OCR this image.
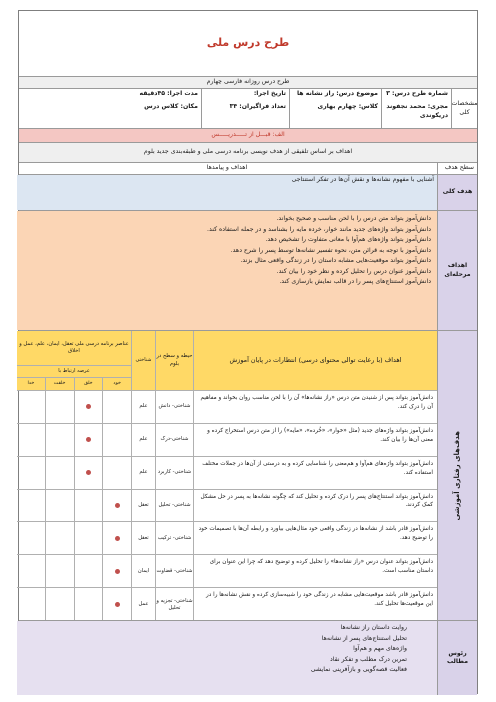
طرح درس ملی
طرح درس روزانه فارسی چهارم
مشخصات کلی
شماره طرح درس: ۳
مجری: محمد نجفوند دریکوندی
موضوع درس: راز نشانه ها
کلاس: چهارم بهاری
تاریخ اجرا:
تعداد فراگیران: ۳۴
مدت اجرا: ۴۵دقیقه
مکان: کلاس درس
الف: قبـــل از تـــــدریـــــس
اهداف بر اساس تلفیقی از هدف نویسی برنامه درسی ملی و طبقه‌بندی جدید بلوم
سطح هدف
اهداف و پیامدها
هدف کلی
آشنایی با مفهوم نشانه‌ها و نقش آن‌ها در تفکر استنتاجی
اهداف مرحله‌ای
دانش‌آموز بتواند متن درس را با لحن مناسب و صحیح بخواند.
دانش‌آموز بتواند واژه‌های جدید مانند خوار، خرده مایه را بشناسد و در جمله استفاده کند.
دانش‌آموز بتواند واژه‌های هم‌آوا با معانی متفاوت را تشخیص دهد.
دانش‌آموز با توجه به قرائن متن، نحوه تفسیر نشانه‌ها توسط پسر را شرح دهد.
دانش‌آموز بتواند موقعیت‌هایی مشابه داستان را در زندگی واقعی مثال بزند.
دانش‌آموز عنوان درس را تحلیل کرده و نظر خود را بیان کند.
دانش‌آموز استنتاج‌های پسر را در قالب نمایش بازسازی کند.
هدف‌های رفتاری آموزشی
اهداف (با رعایت توالی محتوای درسی) انتظارات در پایان آموزش
حیطه و سطح در بلوم
شناختی
عناصر برنامه درسی ملی تعقل، ایمان، علم، عمل و اخلاق
عرصه ارتباط با
خود
خلق
خلقت
خدا
دانش‌آموز بتواند پس از شنیدن متن درس «راز نشانه‌ها» آن را با لحن مناسب روان بخواند و مفاهیم آن را درک کند.
شناختی- دانش
علم
دانش‌آموز بتواند واژه‌های جدید (مثل «خوار»، «خُرده»، «مایه») را از متن درس استخراج کرده و معنی آن‌ها را بیان کند.
شناختی-درک
علم
دانش‌آموز بتواند واژه‌های هم‌آوا و هم‌معنی را شناسایی کرده و به درستی از آن‌ها در جملات مختلف استفاده کند.
شناختی- کاربرد
علم
دانش‌آموز بتواند استنتاج‌های پسر را درک کرده و تحلیل کند که چگونه نشانه‌ها به پسر در حل مشکل کمک کردند.
شناختی- تحلیل
تعقل
دانش‌آموز قادر باشد از نشانه‌ها در زندگی واقعی خود مثال‌هایی بیاورد و رابطه آن‌ها با تصمیمات خود را توضیح دهد.
شناختی- ترکیب
تعقل
دانش‌آموز بتواند عنوان درس «راز نشانه‌ها» را تحلیل کرده و توضیح دهد که چرا این عنوان برای داستان مناسب است.
شناختی- قضاوت
ایمان
دانش‌آموز قادر باشد موقعیت‌هایی مشابه در زندگی خود را شبیه‌سازی کرده و نقش نشانه‌ها را در این موقعیت‌ها تحلیل کند.
شناختی- تجزیه و تحلیل
عمل
رئوس مطالب
روایت داستان راز نشانه‌ها
تحلیل استنتاج‌های پسر از نشانه‌ها
واژه‌های مهم و هم‌آوا
تمرین درک مطلب و تفکر نقاد
فعالیت قصه‌گویی و بازآفرینی نمایشی
